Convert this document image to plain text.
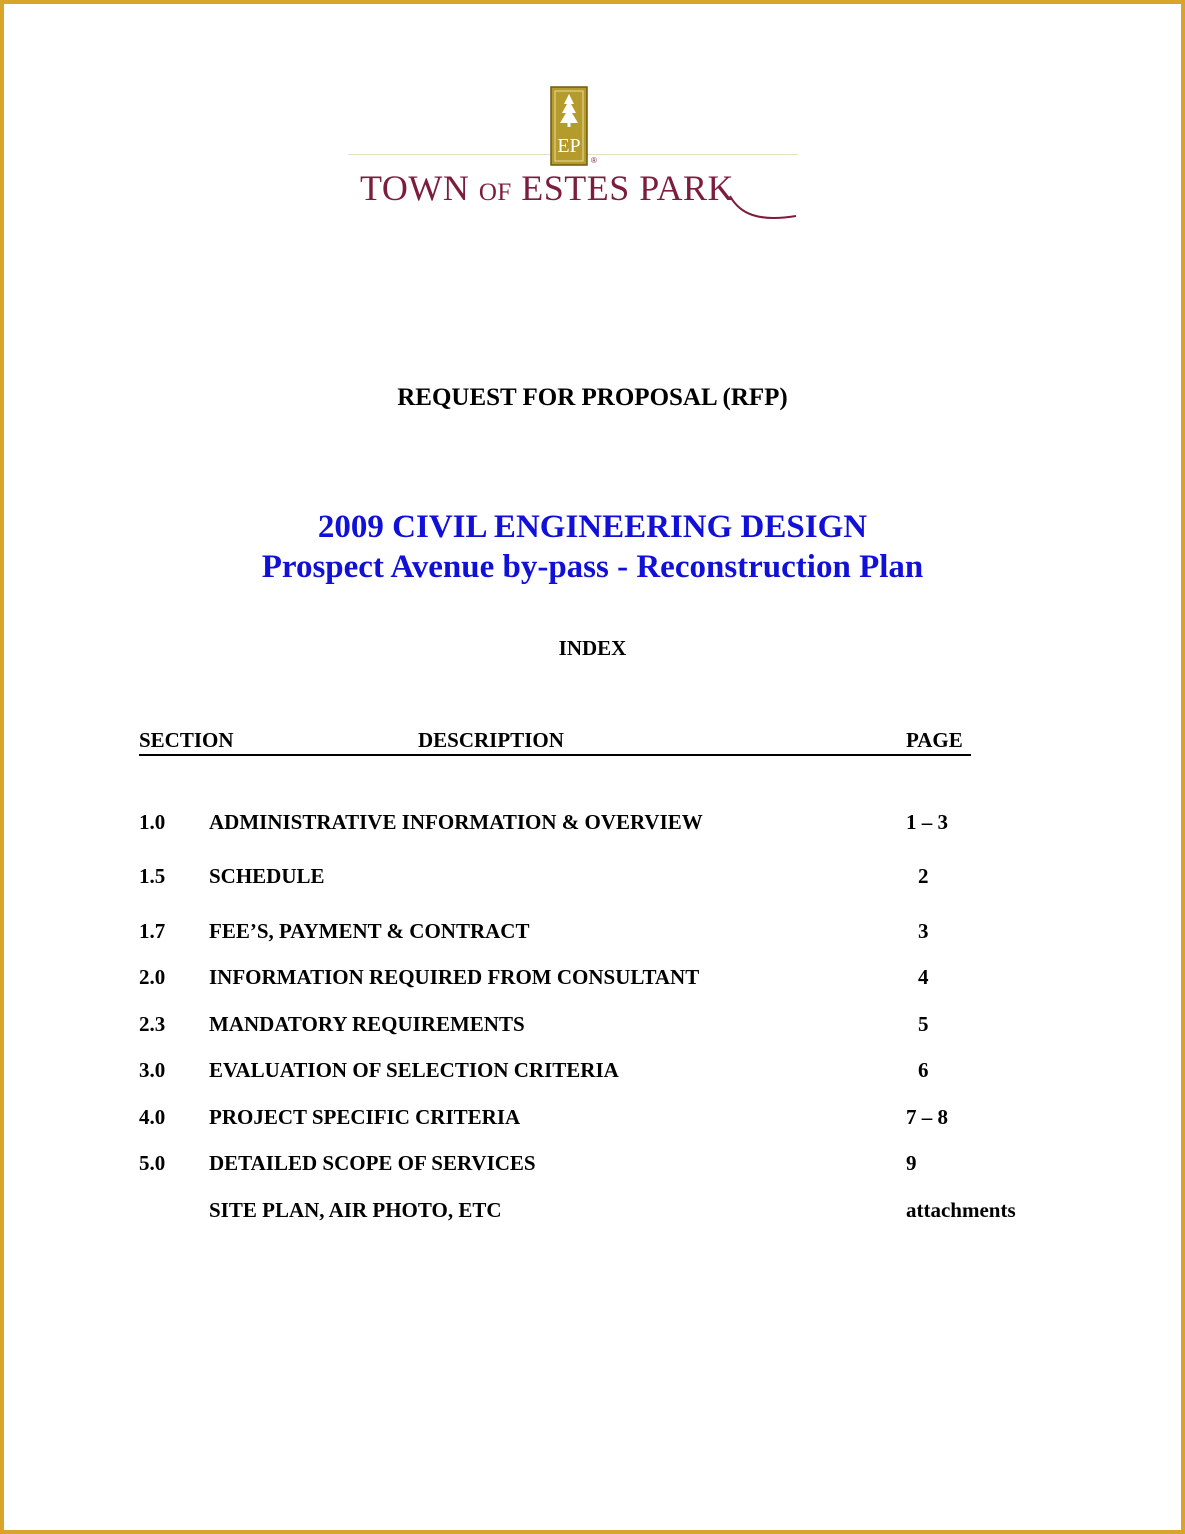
EP
®
TOWN OF ESTES PARK
REQUEST FOR PROPOSAL (RFP)
2009 CIVIL ENGINEERING DESIGN
Prospect Avenue by-pass - Reconstruction Plan
INDEX
SECTION	DESCRIPTION	PAGE
1.0 ADMINISTRATIVE INFORMATION & OVERVIEW	1 – 3
1.5 SCHEDULE	2
1.7 FEE’S, PAYMENT & CONTRACT	3
2.0 INFORMATION REQUIRED FROM CONSULTANT	4
2.3 MANDATORY REQUIREMENTS	5
3.0 EVALUATION OF SELECTION CRITERIA	6
4.0 PROJECT SPECIFIC CRITERIA	7 – 8
5.0 DETAILED SCOPE OF SERVICES	9
SITE PLAN, AIR PHOTO, ETC	attachments
